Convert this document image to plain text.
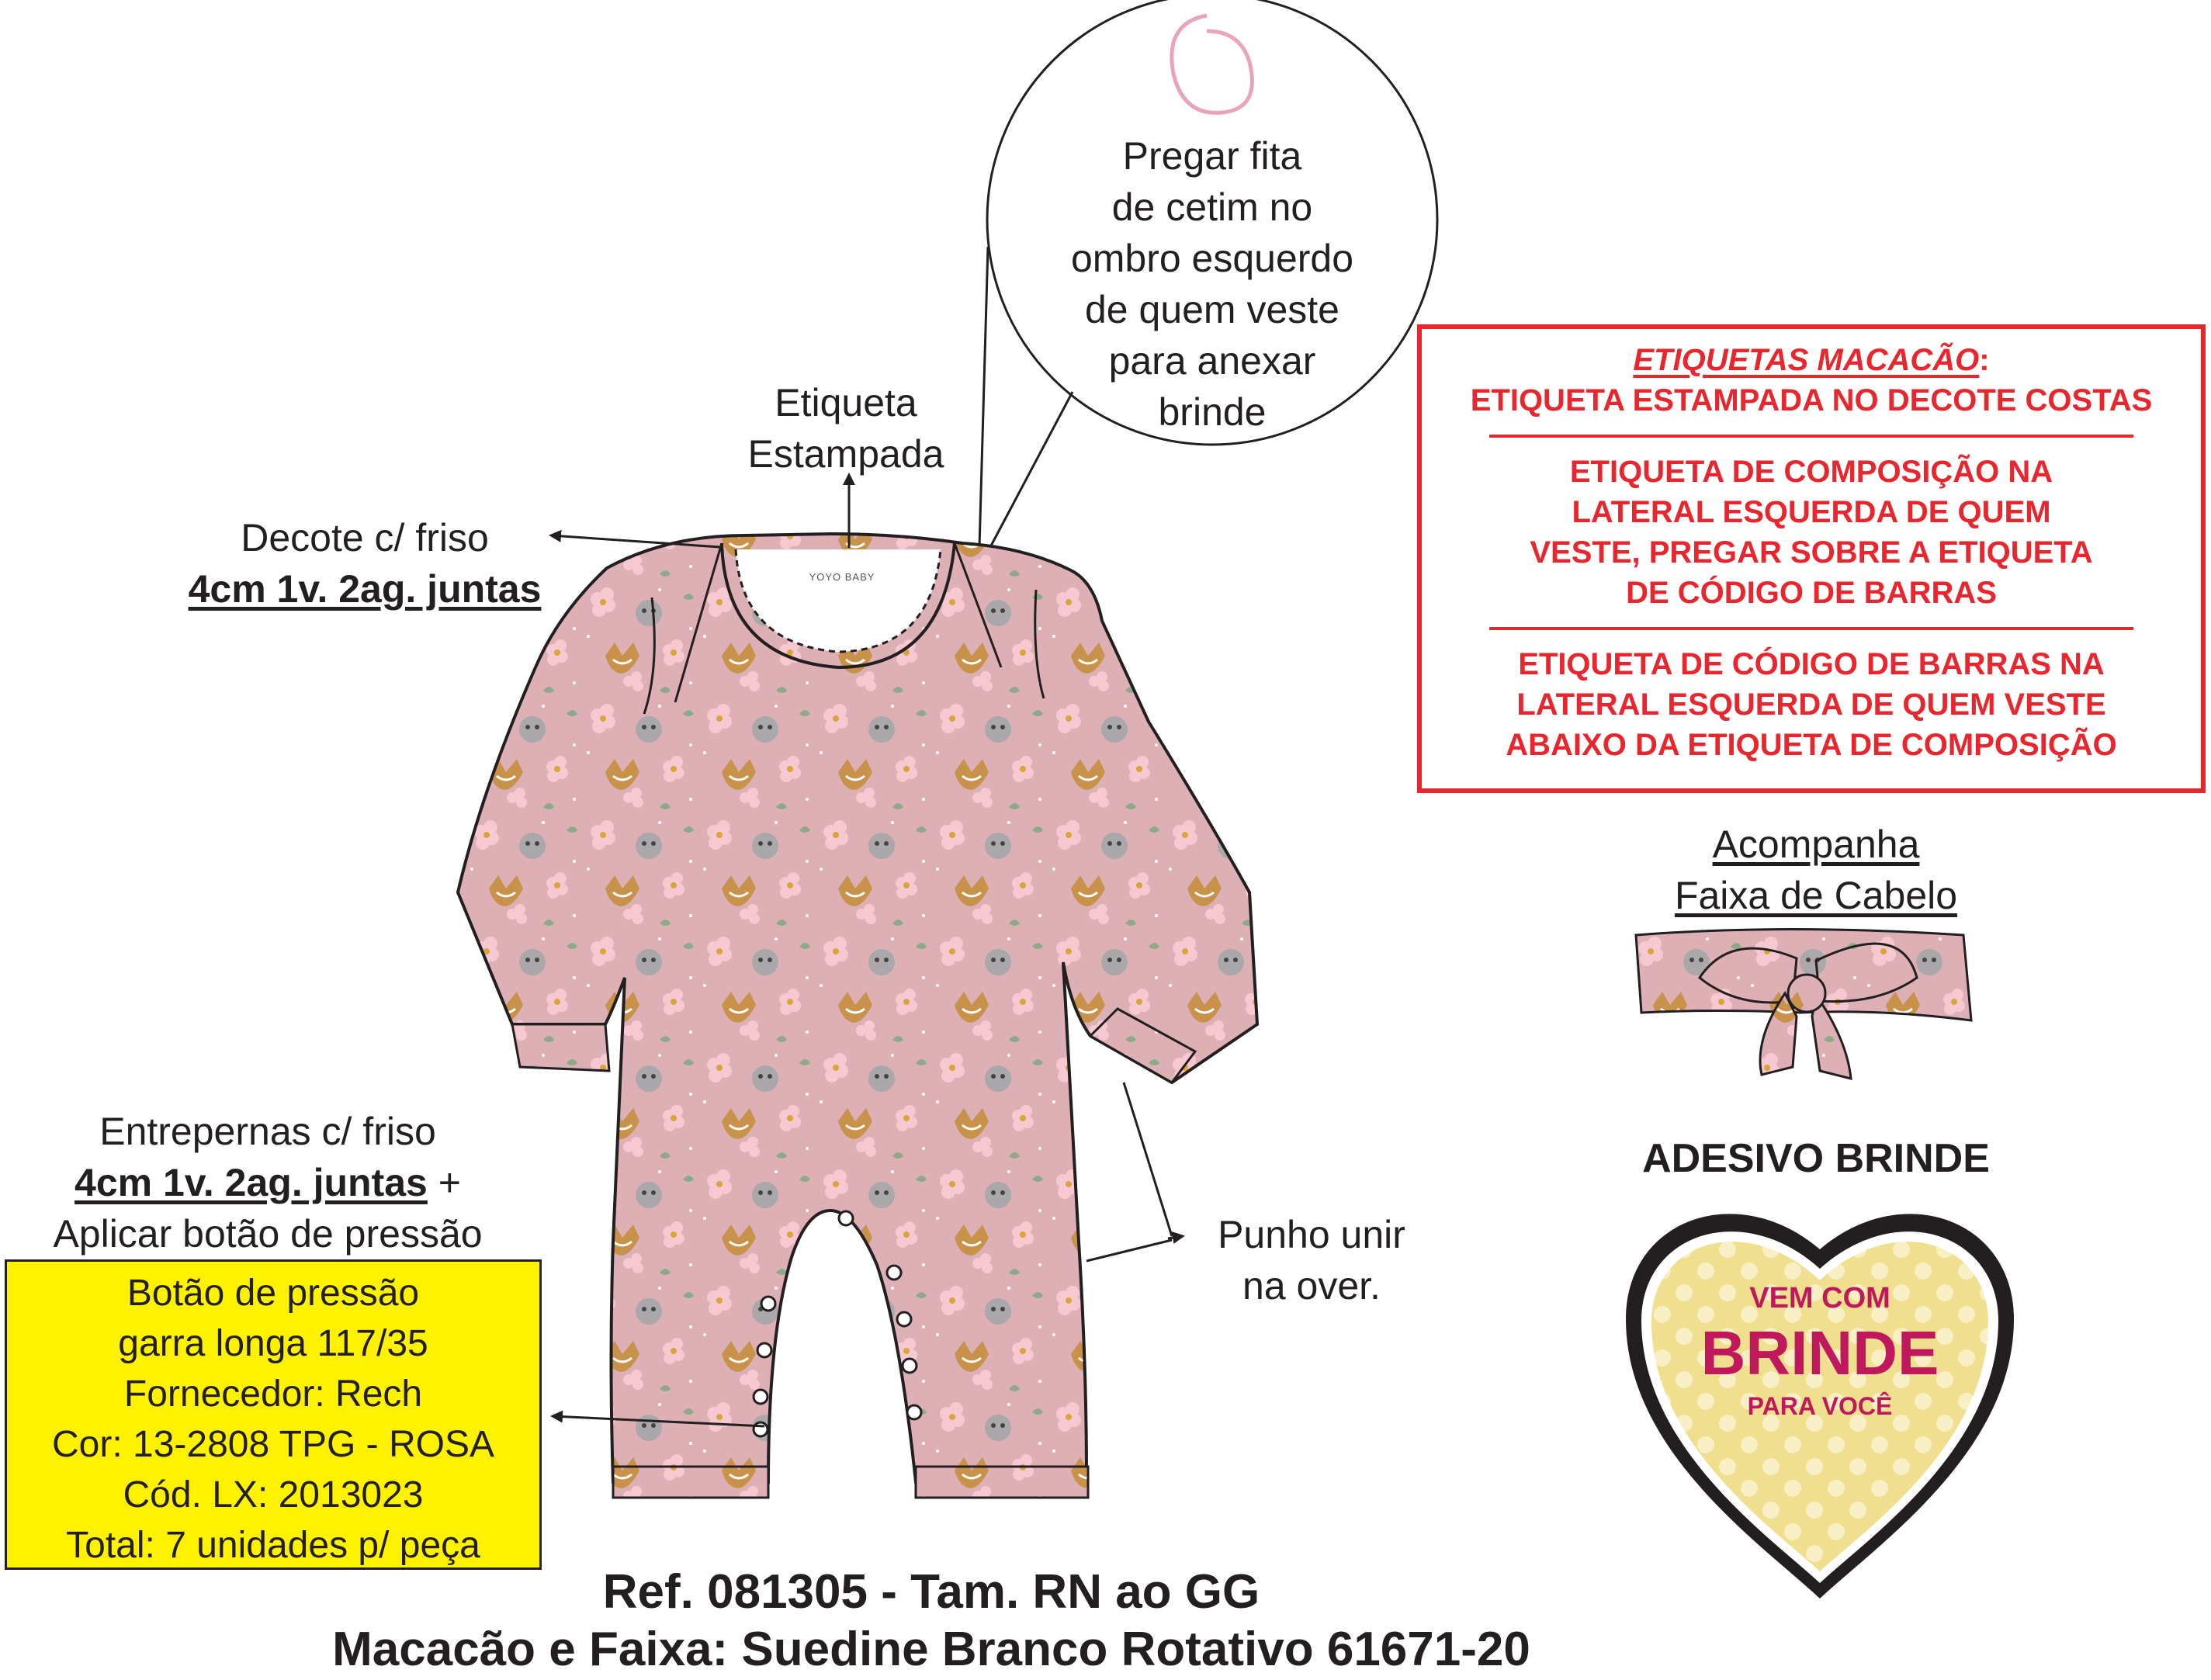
Pregar fita
de cetim no
ombro esquerdo
de quem veste
para anexar
brinde
Etiqueta
Estampada
YOYO BABY
Decote c/ friso
4cm 1v. 2ag. juntas
Entrepernas c/ friso
4cm 1v. 2ag. juntas +
Aplicar botão de pressão
Botão de pressão
garra longa 117/35
Fornecedor: Rech
Cor: 13-2808 TPG - ROSA
Cód. LX: 2013023
Total: 7 unidades p/ peça
Punho unir
na over.
ETIQUETAS MACACÃO:
ETIQUETA ESTAMPADA NO DECOTE COSTAS
ETIQUETA DE COMPOSIÇÃO NA
LATERAL ESQUERDA DE QUEM
VESTE, PREGAR SOBRE A ETIQUETA
DE CÓDIGO DE BARRAS
ETIQUETA DE CÓDIGO DE BARRAS NA
LATERAL ESQUERDA DE QUEM VESTE
ABAIXO DA ETIQUETA DE COMPOSIÇÃO
Acompanha
Faixa de Cabelo
ADESIVO BRINDE
VEM COM
BRINDE
PARA VOCÊ
Ref. 081305 - Tam. RN ao GG
Macacão e Faixa: Suedine Branco Rotativo 61671-20
